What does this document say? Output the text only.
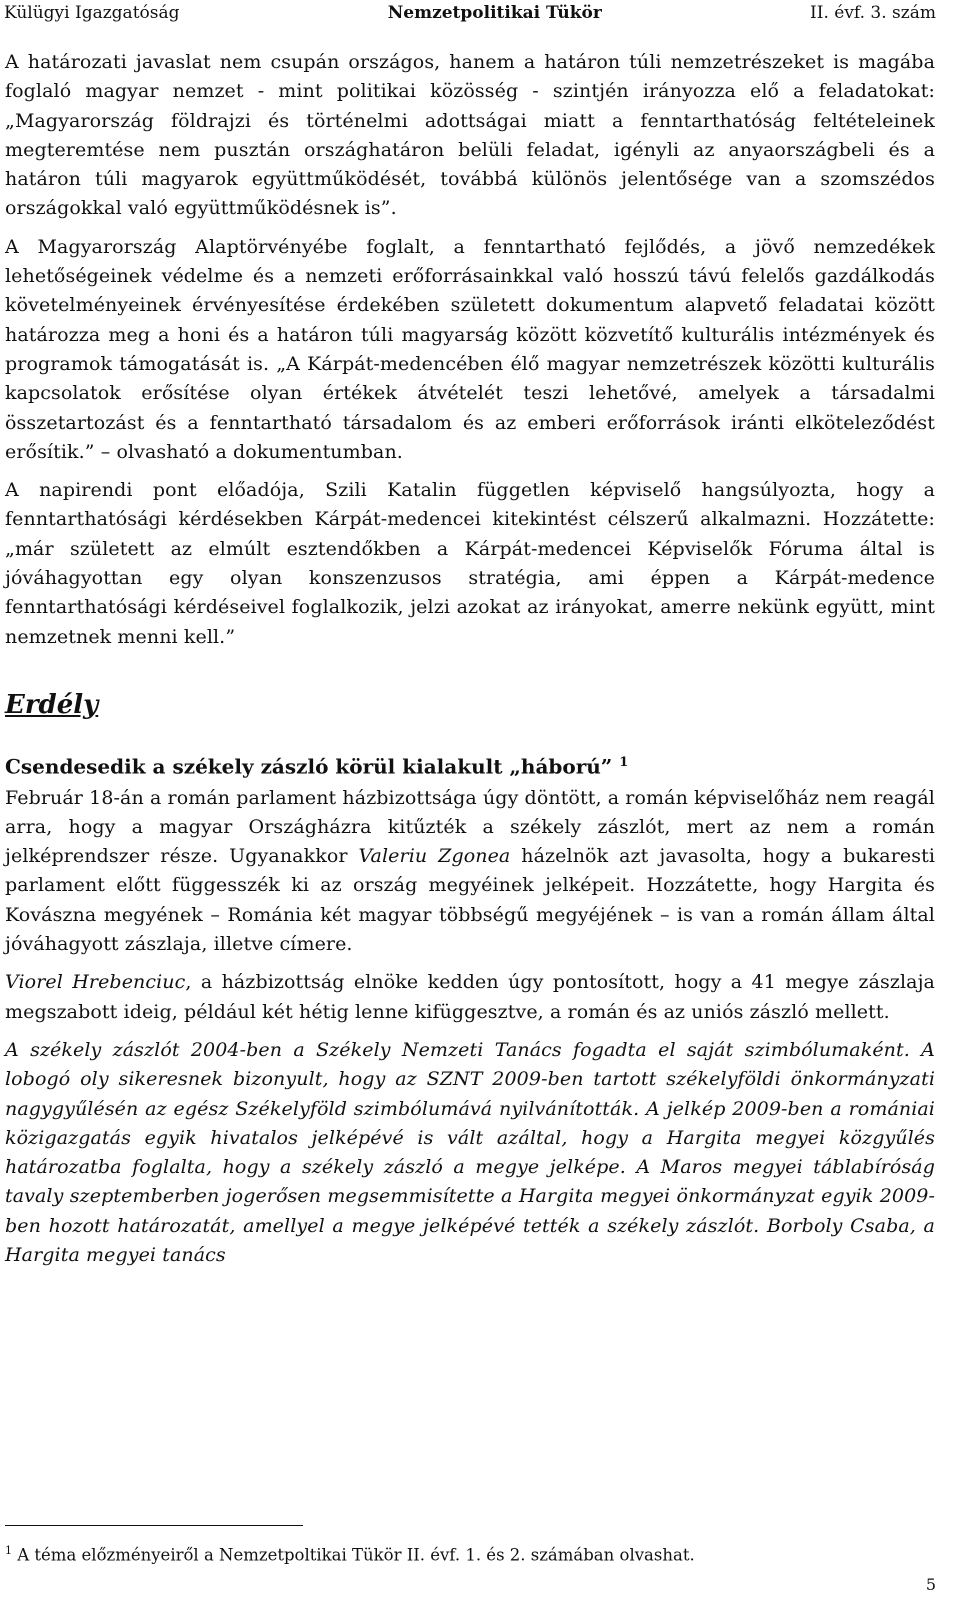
Külügyi Igazgatóság	Nemzetpolitikai Tükör	II. évf. 3. szám

A határozati javaslat nem csupán országos, hanem a határon túli nemzetrészeket is magába foglaló magyar nemzet - mint politikai közösség - szintjén irányozza elő a feladatokat: „Magyarország földrajzi és történelmi adottságai miatt a fenntarthatóság feltételeinek megteremtése nem pusztán országhatáron belüli feladat, igényli az anyaországbeli és a határon túli magyarok együttműködését, továbbá különös jelentősége van a szomszédos országokkal való együttműködésnek is”.

A Magyarország Alaptörvényébe foglalt, a fenntartható fejlődés, a jövő nemzedékek lehetőségeinek védelme és a nemzeti erőforrásainkkal való hosszú távú felelős gazdálkodás követelményeinek érvényesítése érdekében született dokumentum alapvető feladatai között határozza meg a honi és a határon túli magyarság között közvetítő kulturális intézmények és programok támogatását is. „A Kárpát-medencében élő magyar nemzetrészek közötti kulturális kapcsolatok erősítése olyan értékek átvételét teszi lehetővé, amelyek a társadalmi összetartozást és a fenntartható társadalom és az emberi erőforrások iránti elköteleződést erősítik.” – olvasható a dokumentumban.

A napirendi pont előadója, Szili Katalin független képviselő hangsúlyozta, hogy a fenntarthatósági kérdésekben Kárpát-medencei kitekintést célszerű alkalmazni. Hozzátette: „már született az elmúlt esztendőkben a Kárpát-medencei Képviselők Fóruma által is jóváhagyottan egy olyan konszenzusos stratégia, ami éppen a Kárpát-medence fenntarthatósági kérdéseivel foglalkozik, jelzi azokat az irányokat, amerre nekünk együtt, mint nemzetnek menni kell.”

Erdély
Csendesedik a székely zászló körül kialakult „háború” $^1$

Február 18-án a román parlament házbizottsága úgy döntött, a román képviselőház nem reagál arra, hogy a magyar Országházra kitűzték a székely zászlót, mert az nem a román jelképrendszer része. Ugyanakkor Valeriu Zgonea házelnök azt javasolta, hogy a bukaresti parlament előtt függesszék ki az ország megyéinek jelképeit. Hozzátette, hogy Hargita és Kovászna megyének – Románia két magyar többségű megyéjének – is van a román állam által jóváhagyott zászlaja, illetve címere.

Viorel Hrebenciuc, a házbizottság elnöke kedden úgy pontosított, hogy a 41 megye zászlaja megszabott ideig, például két hétig lenne kifüggesztve, a román és az uniós zászló mellett.

A székely zászlót 2004-ben a Székely Nemzeti Tanács fogadta el saját szimbólumaként. A lobogó oly sikeresnek bizonyult, hogy az SZNT 2009-ben tartott székelyföldi önkormányzati nagygyűlésén az egész Székelyföld szimbólumává nyilvánították. A jelkép 2009-ben a romániai közigazgatás egyik hivatalos jelképévé is vált azáltal, hogy a Hargita megyei közgyűlés határozatba foglalta, hogy a székely zászló a megye jelképe. A Maros megyei táblabíróság tavaly szeptemberben jogerősen megsemmisítette a Hargita megyei önkormányzat egyik 2009-ben hozott határozatát, amellyel a megye jelképévé tették a székely zászlót. Borboly Csaba, a Hargita megyei tanács

$^1$ A téma előzményeiről a Nemzetpoltikai Tükör II. évf. 1. és 2. számában olvashat.
5
